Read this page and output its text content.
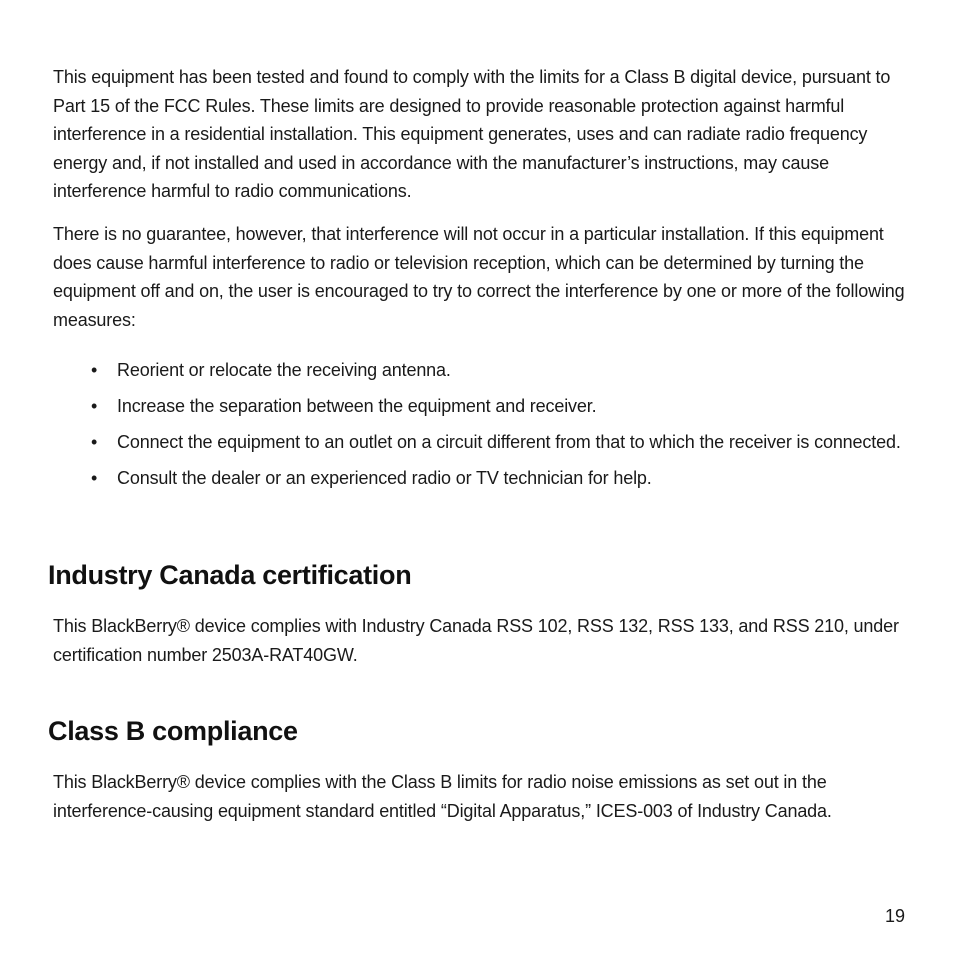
This equipment has been tested and found to comply with the limits for a Class B digital device, pursuant to Part 15 of the FCC Rules. These limits are designed to provide reasonable protection against harmful interference in a residential installation. This equipment generates, uses and can radiate radio frequency energy and, if not installed and used in accordance with the manufacturer’s instructions, may cause interference harmful to radio communications.

There is no guarantee, however, that interference will not occur in a particular installation. If this equipment does cause harmful interference to radio or television reception, which can be determined by turning the equipment off and on, the user is encouraged to try to correct the interference by one or more of the following measures:

• Reorient or relocate the receiving antenna.
• Increase the separation between the equipment and receiver.
• Connect the equipment to an outlet on a circuit different from that to which the receiver is connected.
• Consult the dealer or an experienced radio or TV technician for help.
Industry Canada certification

This BlackBerry® device complies with Industry Canada RSS 102, RSS 132, RSS 133, and RSS 210, under certification number 2503A-RAT40GW.

Class B compliance

This BlackBerry® device complies with the Class B limits for radio noise emissions as set out in the interference-causing equipment standard entitled “Digital Apparatus,” ICES-003 of Industry Canada.

19
